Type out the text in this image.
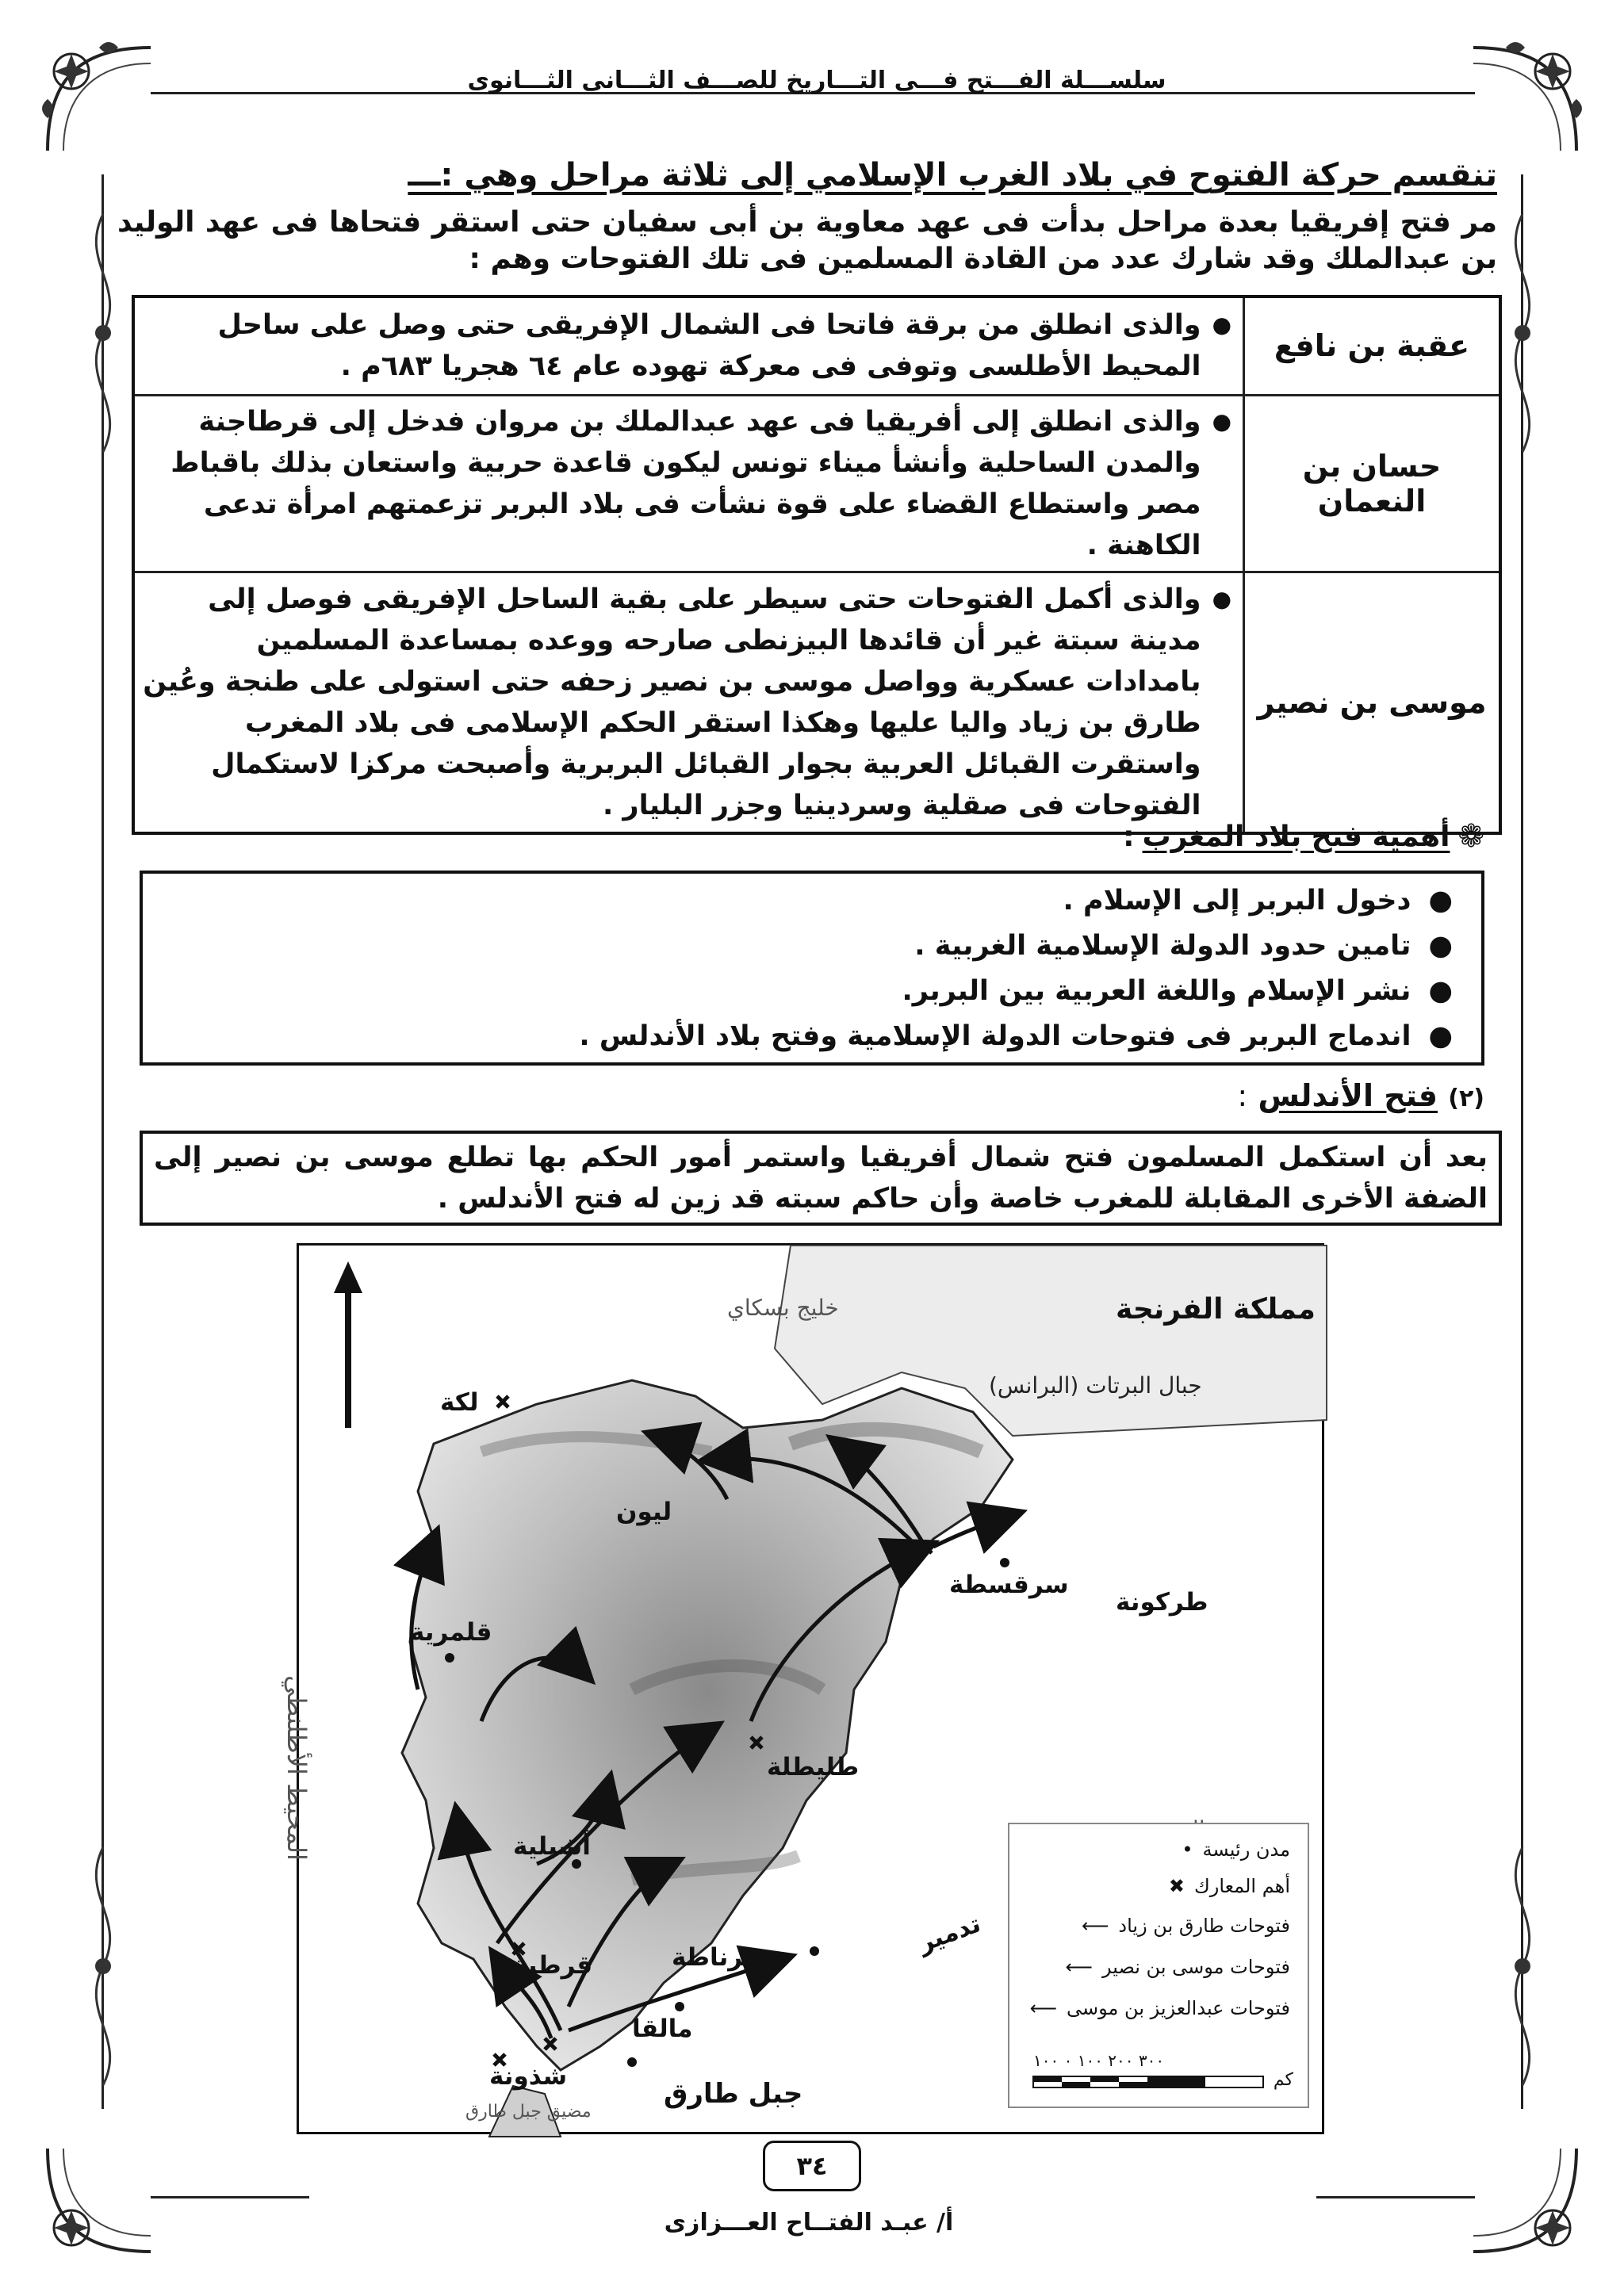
سلســـلة الفـــتح فـــى التـــاريخ للصـــف الثـــانى الثـــانوى
تنقسم حركة الفتوح في بلاد الغرب الإسلامي إلى ثلاثة مراحل وهي :ـــ
مر فتح إفريقيا بعدة مراحل بدأت فى عهد معاوية بن أبى سفيان حتى استقر فتحاها فى عهد الوليد بن عبدالملك وقد شارك عدد من القادة المسلمين فى تلك الفتوحات وهم :
عقبة بن نافع	●
والذى انطلق من برقة فاتحا فى الشمال الإفريقى حتى وصل على ساحل المحيط الأطلسى وتوفى فى معركة تهوده عام ٦٤ هجريا ٦٨٣م .

حسان بن النعمان	●
والذى انطلق إلى أفريقيا فى عهد عبدالملك بن مروان فدخل إلى قرطاجنة والمدن الساحلية وأنشأ ميناء تونس ليكون قاعدة حربية واستعان بذلك باقباط مصر واستطاع القضاء على قوة نشأت فى بلاد البربر تزعمتهم امرأة تدعى الكاهنة .

موسى بن نصير	●
والذى أكمل الفتوحات حتى سيطر على بقية الساحل الإفريقى فوصل إلى مدينة سبتة غير أن قائدها البيزنطى صارحه ووعده بمساعدة المسلمين بامدادات عسكرية وواصل موسى بن نصير زحفه حتى استولى على طنجة وعُين طارق بن زياد واليا عليها وهكذا استقر الحكم الإسلامى فى بلاد المغرب واستقرت القبائل العربية بجوار القبائل البربرية وأصبحت مركزا لاستكمال الفتوحات فى صقلية وسردينيا وجزر البليار .
❁
أهمية فتح بلاد المغرب
:
●
دخول البربر إلى الإسلام .
●
تامين حدود الدولة الإسلامية الغربية .
●
نشر الإسلام واللغة العربية بين البربر.
●
اندماج البربر فى فتوحات الدولة الإسلامية وفتح بلاد الأندلس .
(٢) فتح الأندلس :
بعد أن استكمل المسلمون فتح شمال أفريقيا واستمر أمور الحكم بها تطلع موسى بن نصير إلى الضفة الأخرى المقابلة للمغرب خاصة وأن حاكم سبته قد زين له فتح الأندلس .
مملكة الفرنجة
خليج بسكاي
جبال البرتات (البرانس)
لكة
ليون
سرقسطة
طركونة
قلمرية
طليطلة
المحيط الأطلنطي	أشبلية
تدمير
قرطبة	غرناطة
مالقا
شذونة
جبل طارق
مضيق جبل طارق
مدن رئيسة
•
أهم المعارك
✖
فتوحات طارق بن زياد
⟵
فتوحات موسى بن نصير
⟵
فتوحات عبدالعزيز بن موسى
⟵
٣٠٠ ٢٠٠ ١٠٠ ٠ ١٠٠
كم
٣٤
أ/ عبـد الفتــاح العـــزازى
